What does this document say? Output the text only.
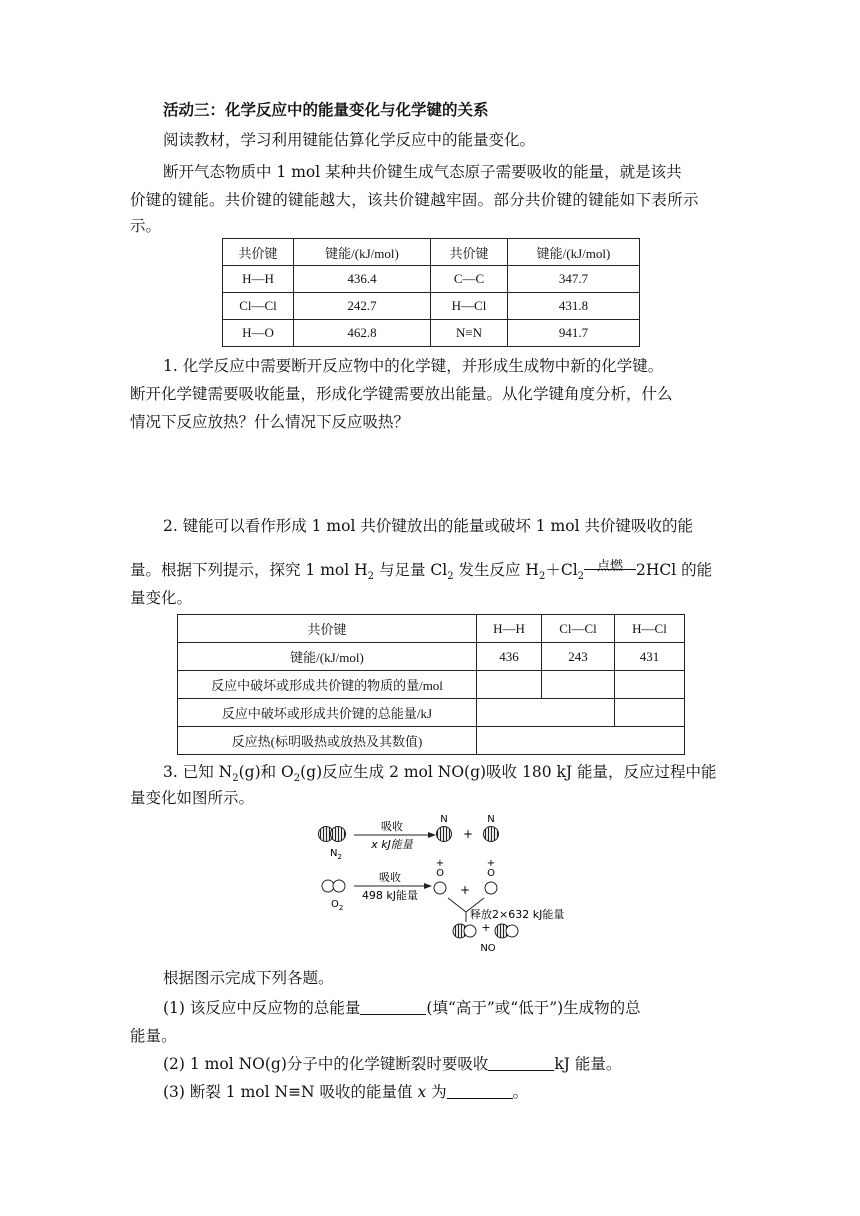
活动三：化学反应中的能量变化与化学键的关系
阅读教材，学习利用键能估算化学反应中的能量变化。
断开气态物质中 1 mol 某种共价键生成气态原子需要吸收的能量，就是该共
价键的键能。共价键的键能越大，该共价键越牢固。部分共价键的键能如下表所示
示。
共价键	键能/(kJ/mol)	共价键	键能/(kJ/mol)
H—H	436.4	C—C	347.7
Cl—Cl	242.7	H—Cl	431.8
H—O	462.8	N≡N	941.7
1. 化学反应中需要断开反应物中的化学键，并形成生成物中新的化学键。
断开化学键需要吸收能量，形成化学键需要放出能量。从化学键角度分析，什么
情况下反应放热？什么情况下反应吸热？
2. 键能可以看作形成 1 mol 共价键放出的能量或破坏 1 mol 共价键吸收的能
量。根据下列提示，探究 1 mol $H_2$ 与足量 $Cl_2$ 发生反应 $H_2+Cl_2$
点燃 2HCl 的能
量变化。
共价键	H—H	Cl—Cl	H—Cl
键能/(kJ/mol)	436	243	431
反应中破坏或形成共价键的物质的量/mol			
反应中破坏或形成共价键的总能量/kJ			
反应热(标明吸热或放热及其数值)			
3. 已知 $N_2(g)$和 $O_2(g)$反应生成 2 mol NO(g)吸收 180 kJ 能量，反应过程中能
量变化如图所示。
$N_2$
吸收
x kJ能量
N
+
N
$O_2$
吸收
498 kJ能量
+
O
+
+
O
释放2×632 kJ能量
+
NO
根据图示完成下列各题。
(1) 该反应中反应物的总能量	(填“高于”或“低于”)生成物的总
能量。
(2) 1 mol NO(g)分子中的化学键断裂时要吸收	kJ 能量。
(3) 断裂 1 mol N≡N 吸收的能量值 x 为	。
